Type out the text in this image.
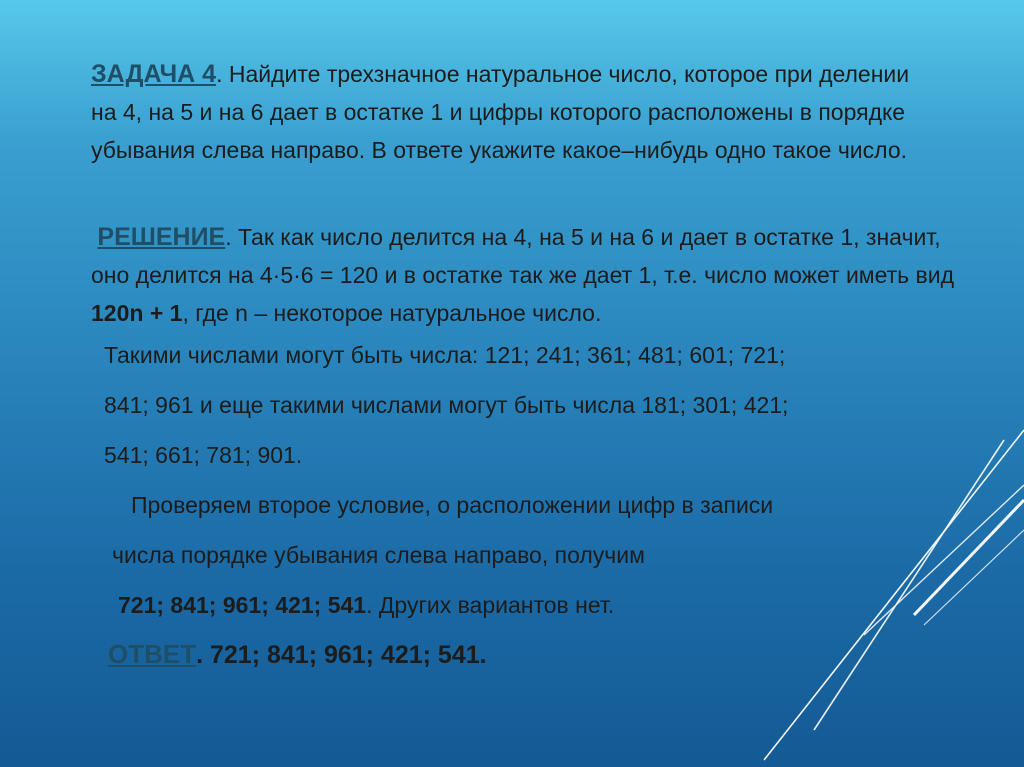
ЗАДАЧА 4. Найдите трехзначное натуральное число, которое при делении на 4, на 5 и на 6 дает в остатке 1 и цифры которого расположены в порядке убывания слева направо. В ответе укажите какое–нибудь одно такое число.
РЕШЕНИЕ. Так как число делится на 4, на 5 и на 6 и дает в остатке 1, значит, оно делится на 4·5·6 = 120 и в остатке так же дает 1, т.е. число может иметь вид 120n + 1, где n – некоторое натуральное число.
Такими числами могут быть числа: 121; 241; 361; 481; 601; 721;
841; 961 и еще такими числами могут быть числа 181; 301; 421;
541; 661; 781; 901.
Проверяем второе условие, о расположении цифр в записи
числа порядке убывания слева направо, получим
721; 841; 961; 421; 541. Других вариантов нет.
ОТВЕТ. 721; 841; 961; 421; 541.
